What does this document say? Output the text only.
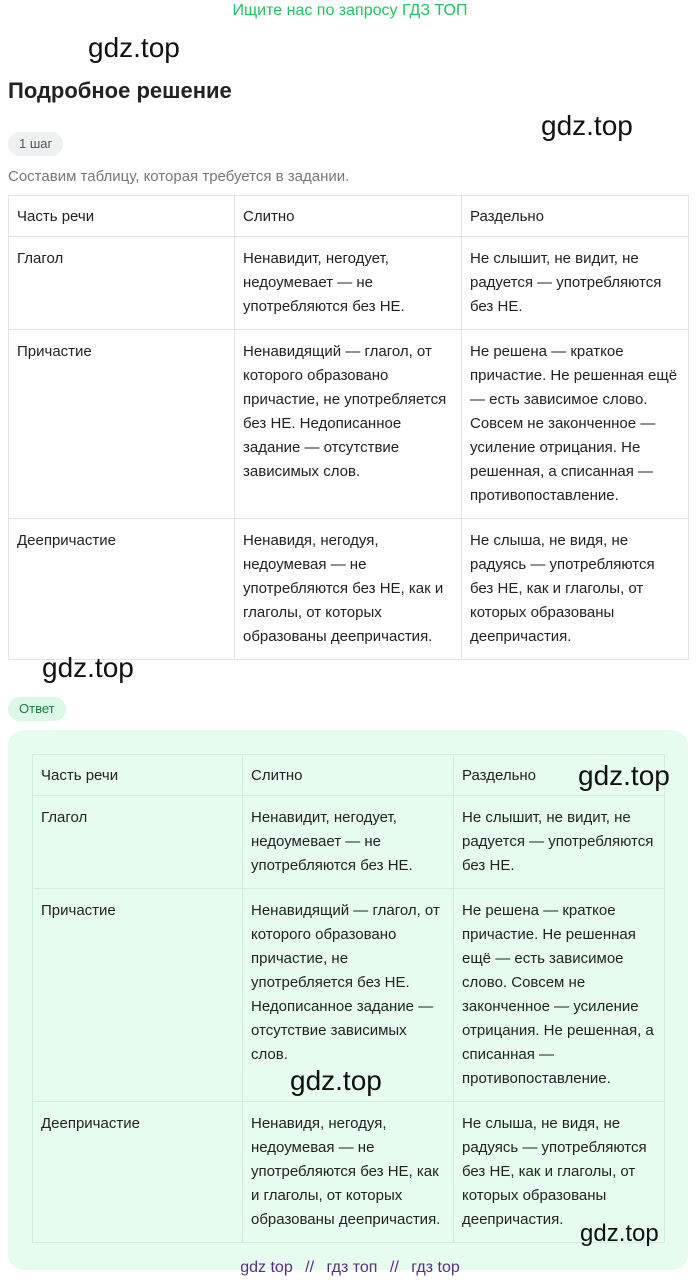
Ищите нас по запросу ГДЗ ТОП
gdz.top
Подробное решение
gdz.top
1 шаг
Составим таблицу, которая требуется в задании.
Часть речи	Слитно	Раздельно
Глагол	Ненавидит, негодует, недоумевает — не употребляются без НЕ.	Не слышит, не видит, не радуется — употребляются без НЕ.
Причастие	Ненавидящий — глагол, от которого образовано причастие, не употребляется без НЕ. Недописанное задание — отсутствие зависимых слов.	Не решена — краткое причастие. Не решенная ещё — есть зависимое слово. Совсем не законченное — усиление отрицания. Не решенная, а списанная — противопоставление.
Деепричастие	Ненавидя, негодуя, недоумевая — не употребляются без НЕ, как и глаголы, от которых образованы деепричастия.	Не слыша, не видя, не радуясь — употребляются без НЕ, как и глаголы, от которых образованы деепричастия.
gdz.top
Ответ
Часть речи	Слитно	Раздельно
Глагол	Ненавидит, негодует, недоумевает — не употребляются без НЕ.	Не слышит, не видит, не радуется — употребляются без НЕ.
Причастие	Ненавидящий — глагол, от которого образовано причастие, не употребляется без НЕ. Недописанное задание — отсутствие зависимых слов.	Не решена — краткое причастие. Не решенная ещё — есть зависимое слово. Совсем не законченное — усиление отрицания. Не решенная, а списанная — противопоставление.
Деепричастие	Ненавидя, негодуя, недоумевая — не употребляются без НЕ, как и глаголы, от которых образованы деепричастия.	Не слыша, не видя, не радуясь — употребляются без НЕ, как и глаголы, от которых образованы деепричастия.
gdz.top
gdz.top
gdz.top
gdz top // гдз топ // гдз top
